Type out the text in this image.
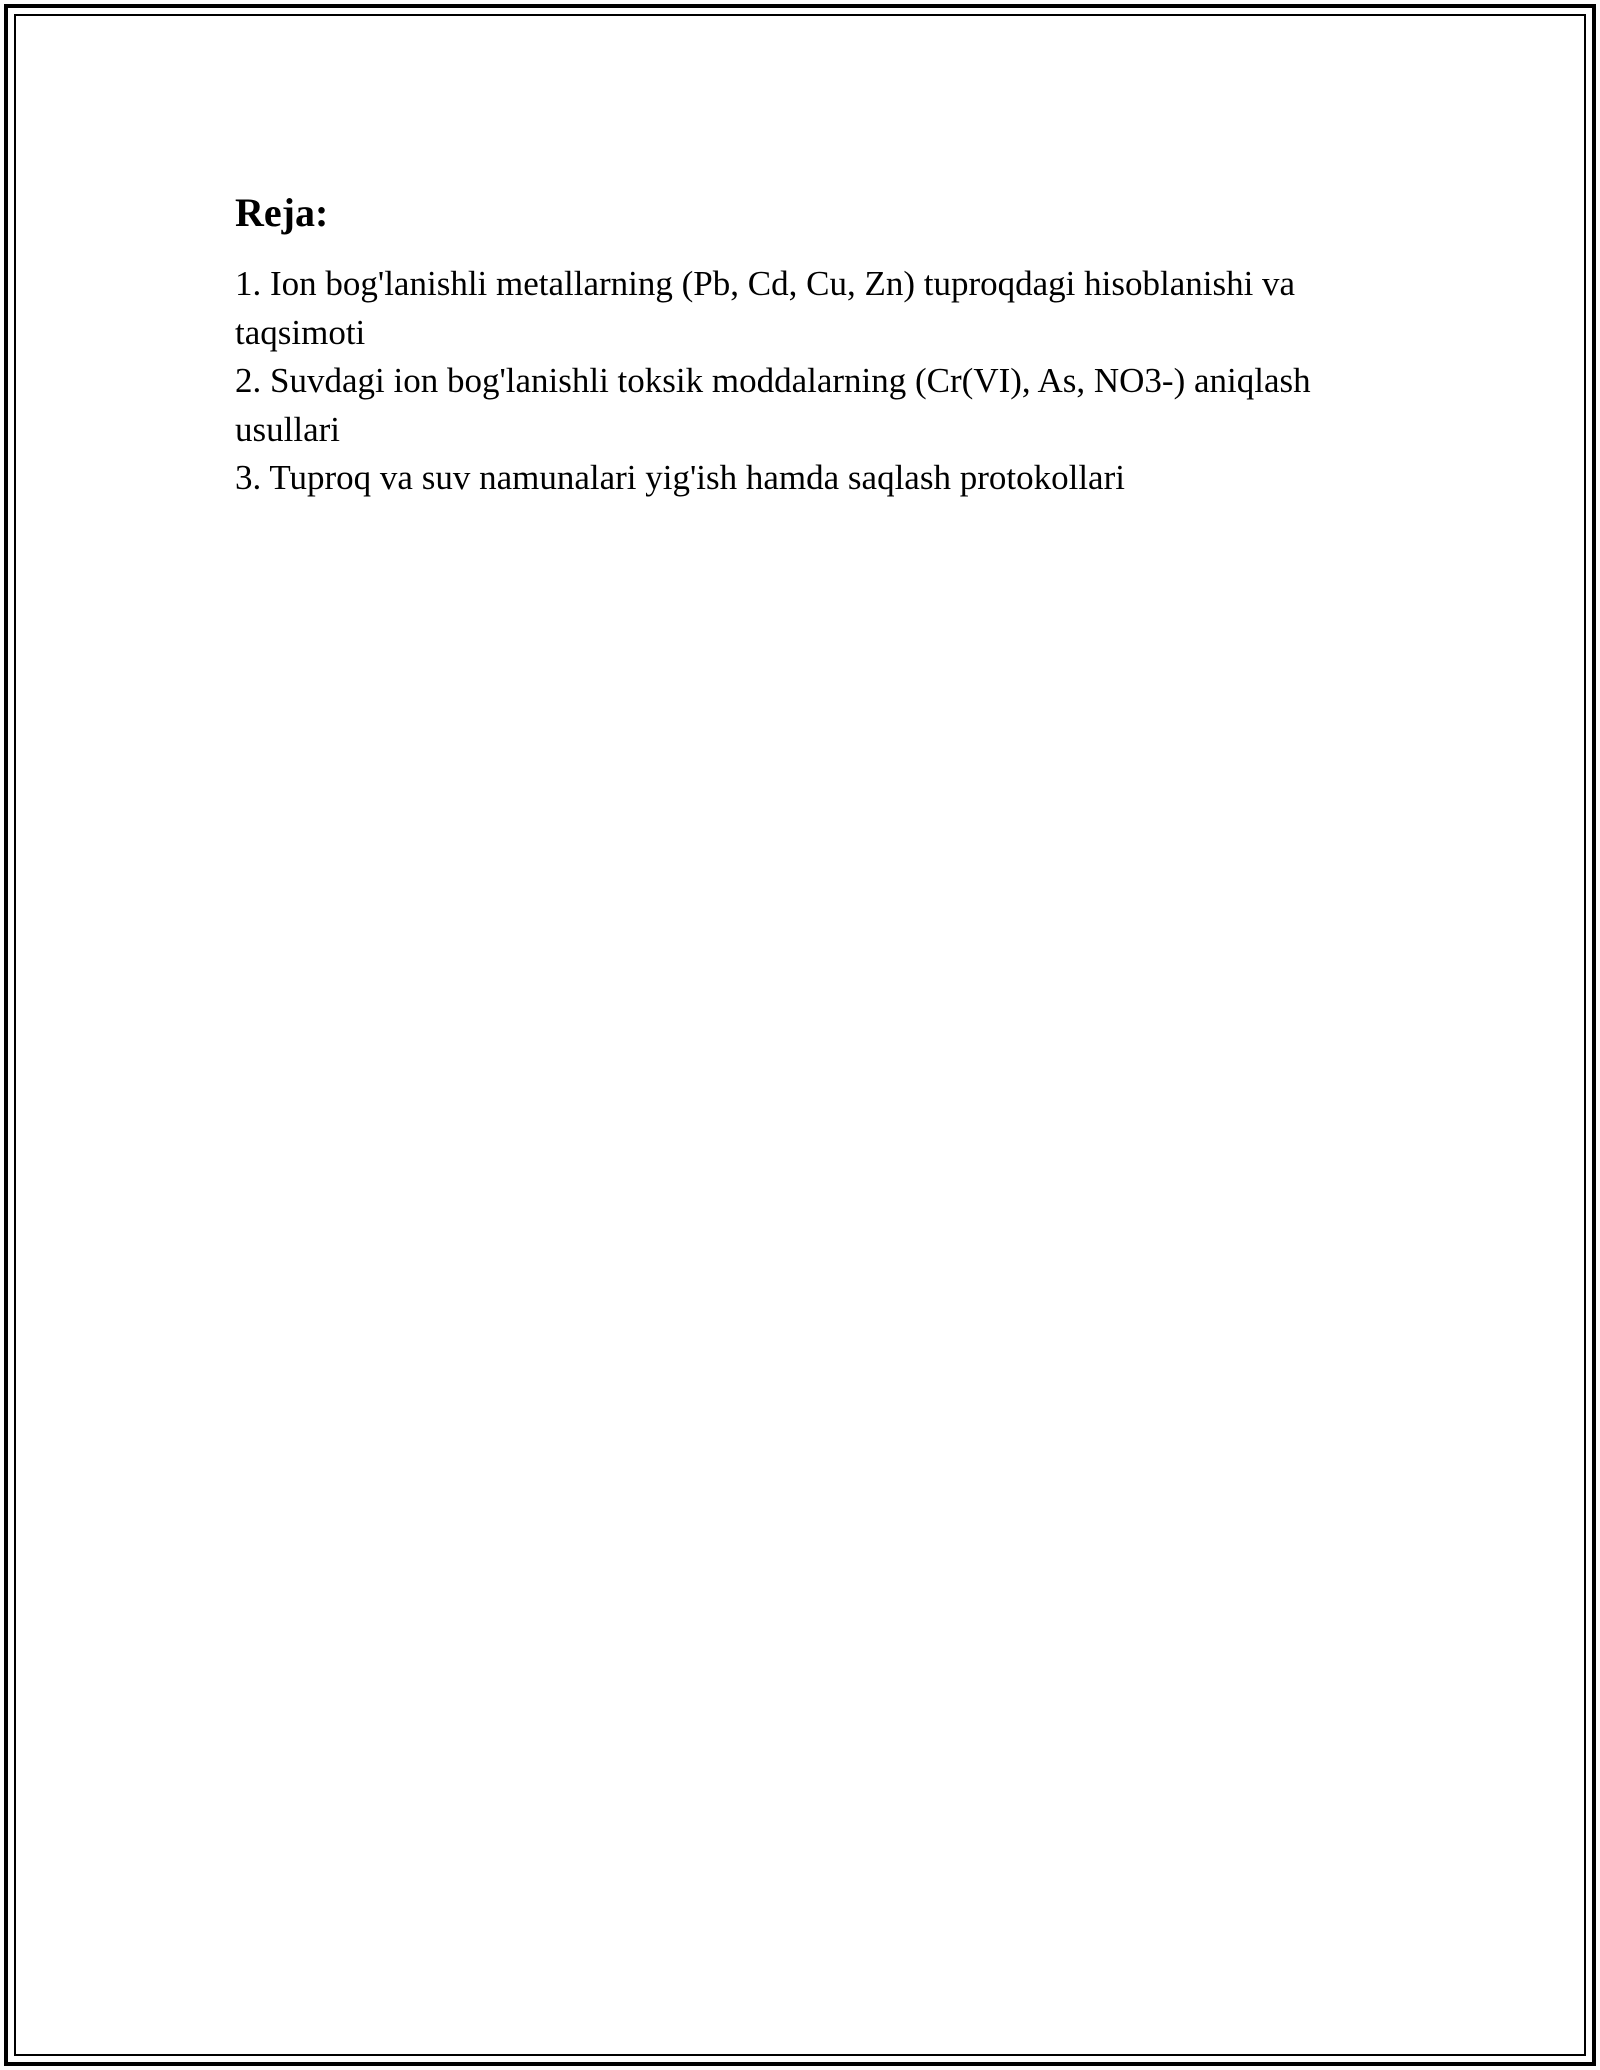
Reja:
1. Ion bog'lanishli metallarning (Pb, Cd, Cu, Zn) tuproqdagi hisoblanishi va taqsimoti
2. Suvdagi ion bog'lanishli toksik moddalarning (Cr(VI), As, NO3-) aniqlash usullari
3. Tuproq va suv namunalari yig'ish hamda saqlash protokollari
